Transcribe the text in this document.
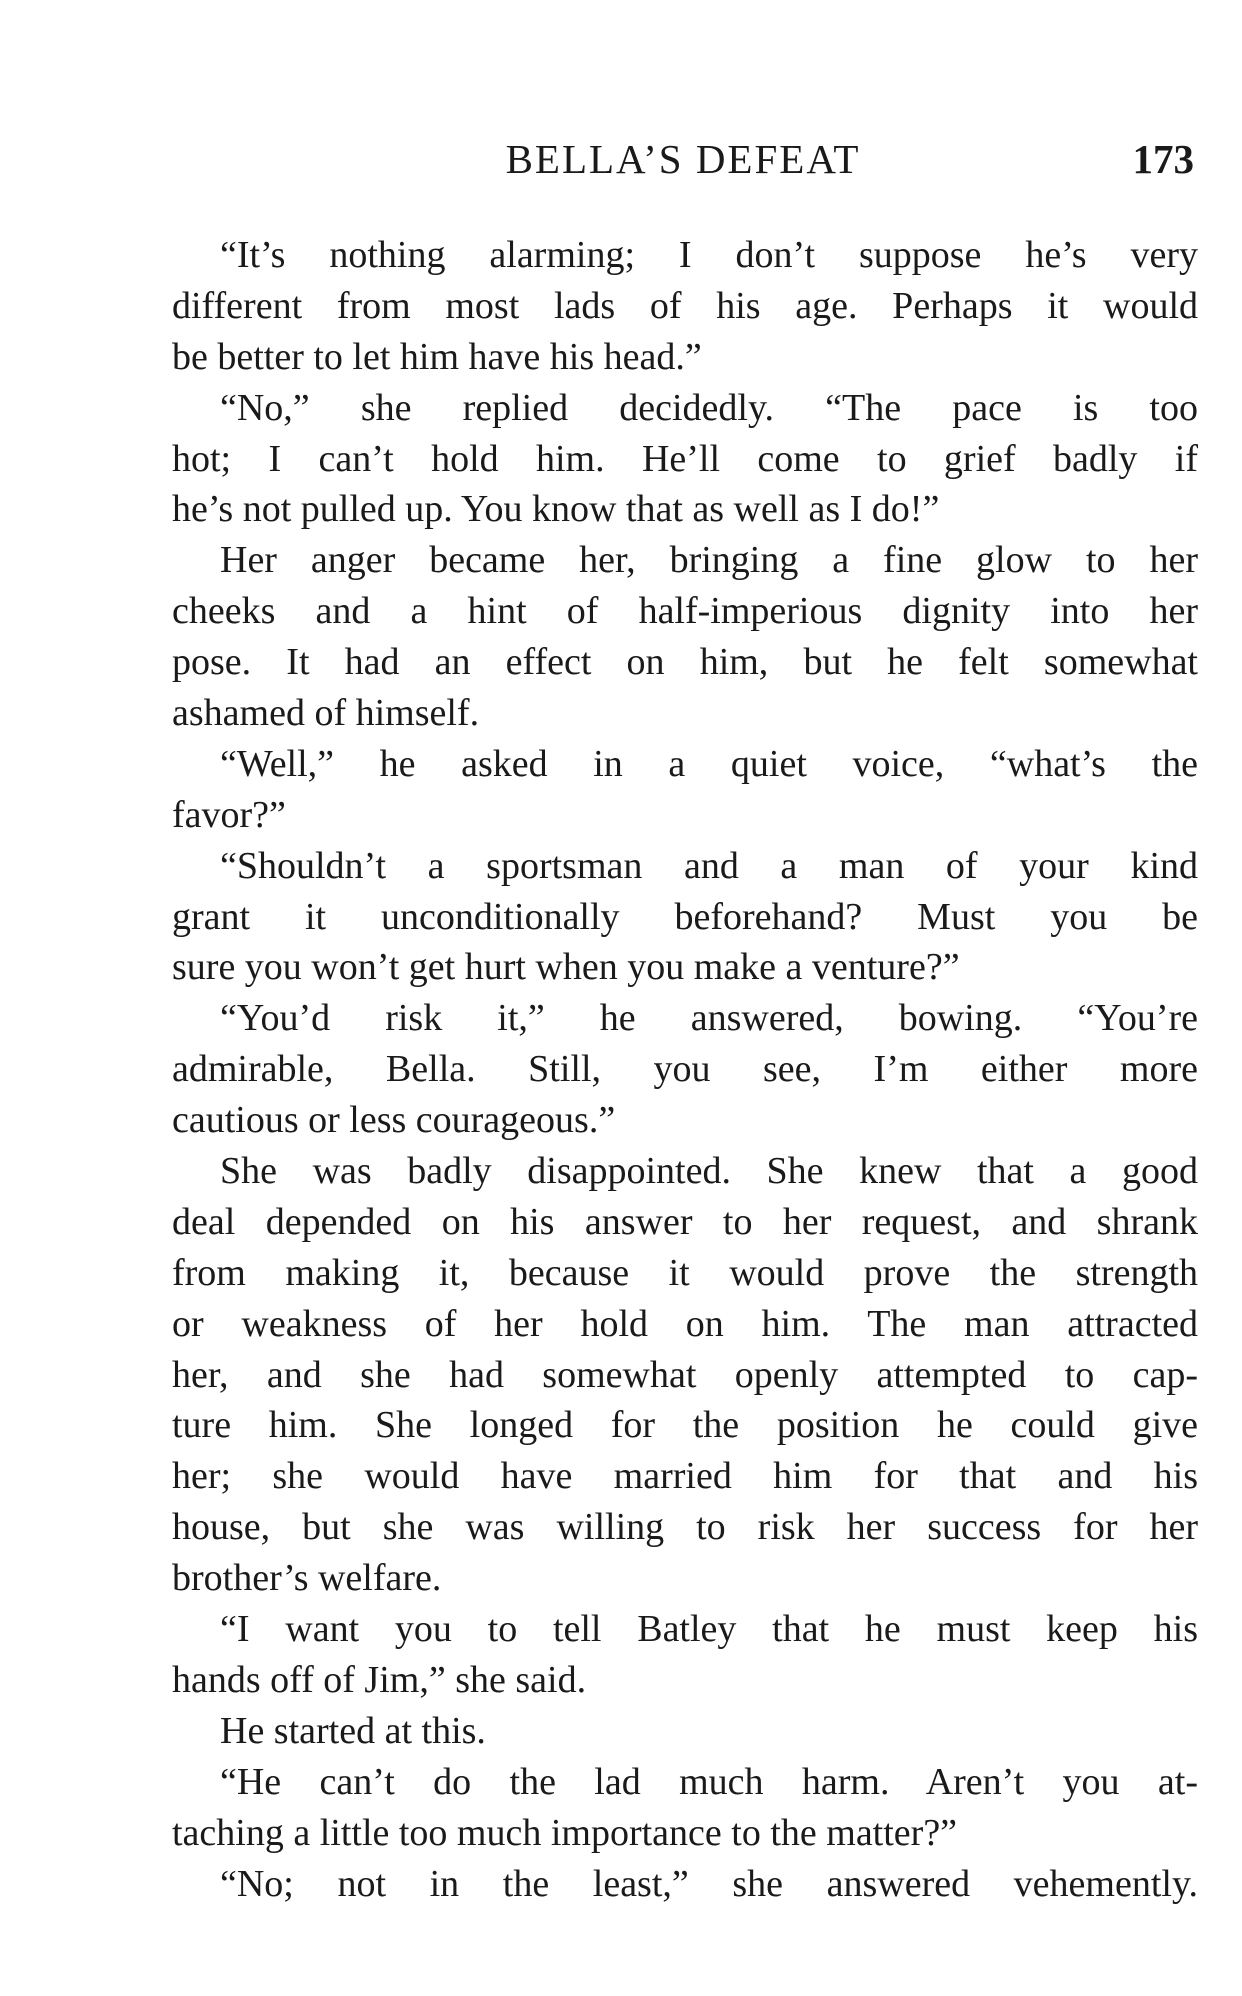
BELLA’S DEFEAT	173
“It’s nothing alarming; I don’t suppose he’s very
different from most lads of his age. Perhaps it would
be better to let him have his head.”
“No,” she replied decidedly. “The pace is too
hot; I can’t hold him. He’ll come to grief badly if
he’s not pulled up. You know that as well as I do!”
Her anger became her, bringing a fine glow to her
cheeks and a hint of half-imperious dignity into her
pose. It had an effect on him, but he felt somewhat
ashamed of himself.
“Well,” he asked in a quiet voice, “what’s the
favor?”
“Shouldn’t a sportsman and a man of your kind
grant it unconditionally beforehand? Must you be
sure you won’t get hurt when you make a venture?”
“You’d risk it,” he answered, bowing. “You’re
admirable, Bella. Still, you see, I’m either more
cautious or less courageous.”
She was badly disappointed. She knew that a good
deal depended on his answer to her request, and shrank
from making it, because it would prove the strength
or weakness of her hold on him. The man attracted
her, and she had somewhat openly attempted to cap-
ture him. She longed for the position he could give
her; she would have married him for that and his
house, but she was willing to risk her success for her
brother’s welfare.
“I want you to tell Batley that he must keep his
hands off of Jim,” she said.
He started at this.
“He can’t do the lad much harm. Aren’t you at-
taching a little too much importance to the matter?”
“No; not in the least,” she answered vehemently.
